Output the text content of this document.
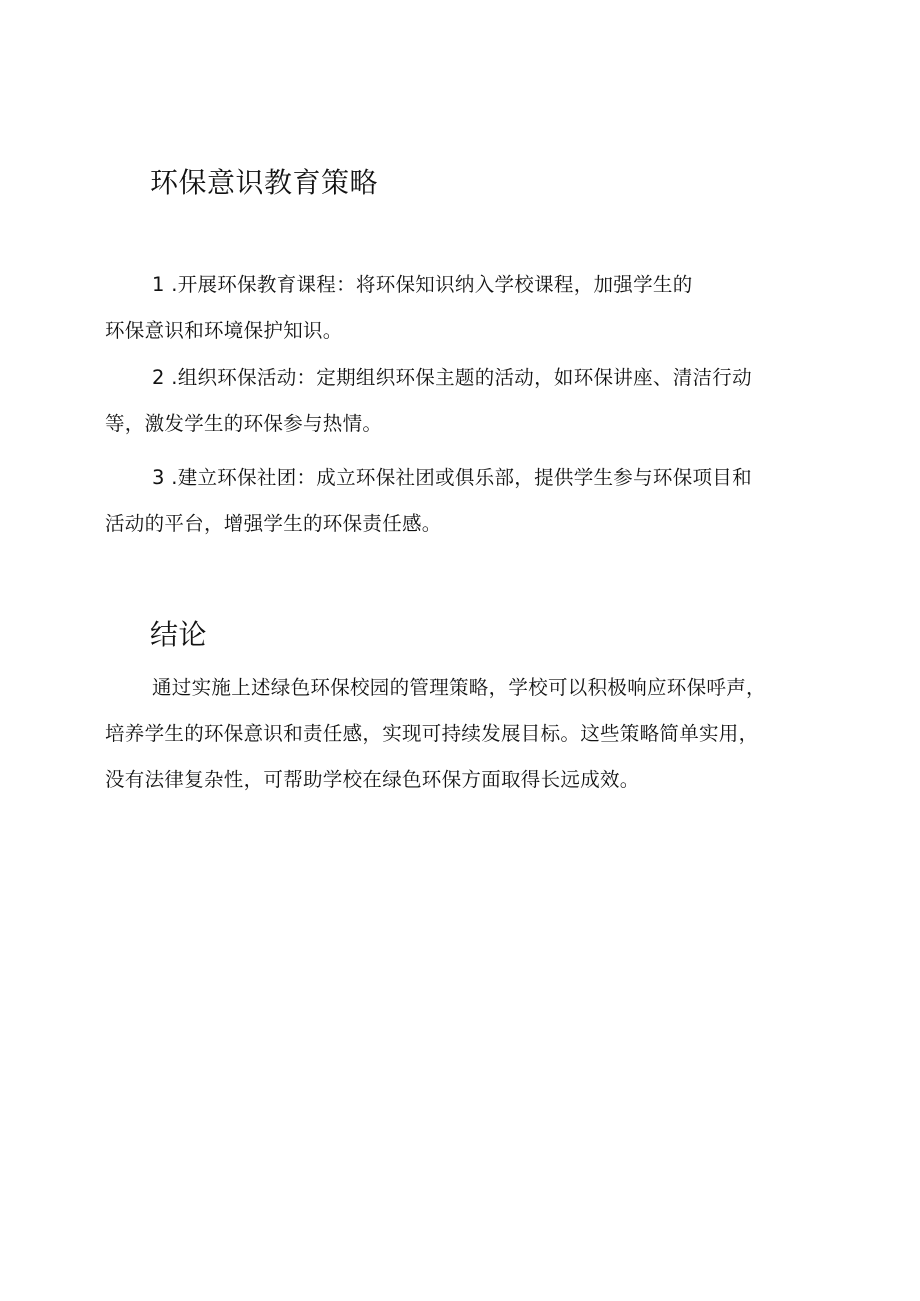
环保意识教育策略

1 .开展环保教育课程：将环保知识纳入学校课程，加强学生的
环保意识和环境保护知识。

2 .组织环保活动：定期组织环保主题的活动，如环保讲座、清洁行动
等，激发学生的环保参与热情。

3 .建立环保社团：成立环保社团或俱乐部，提供学生参与环保项目和
活动的平台，增强学生的环保责任感。

结论

通过实施上述绿色环保校园的管理策略，学校可以积极响应环保呼声，
培养学生的环保意识和责任感，实现可持续发展目标。这些策略简单实用，
没有法律复杂性，可帮助学校在绿色环保方面取得长远成效。
